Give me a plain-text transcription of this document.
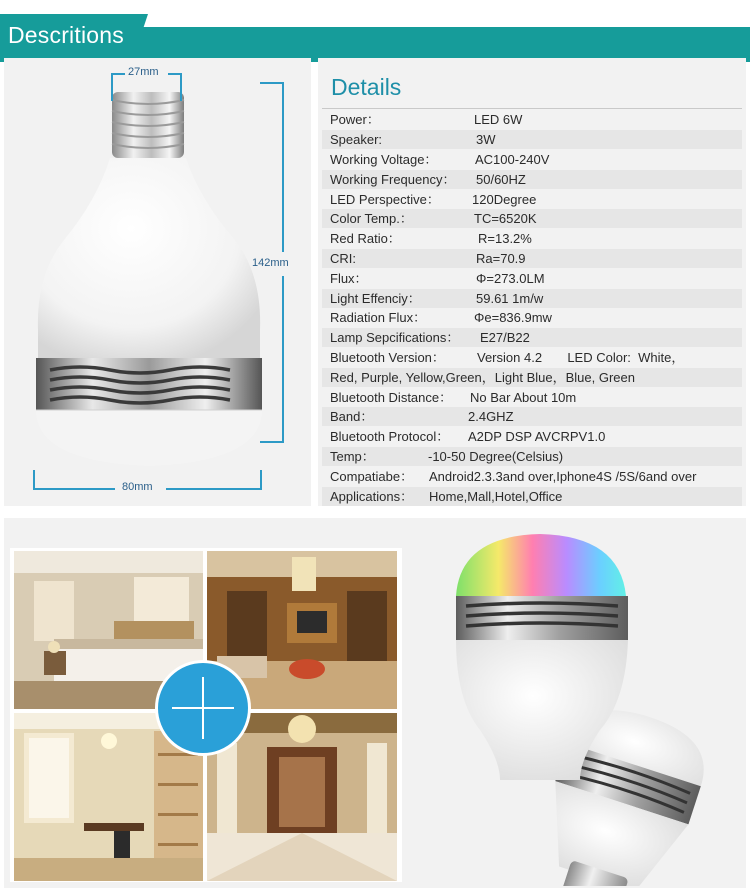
Descritions
27mm
142mm
80mm
Details
Power：	LED 6W
Speaker:	3W
Working Voltage：	AC100-240V
Working Frequency： 50/60HZ
LED Perspective： 120Degree
Color Temp.：	TC=6520K
Red Ratio：	R=13.2%
CRI:	Ra=70.9
Flux：	Φ=273.0LM
Light Effenciy：	59.61 1m/w
Radiation Flux：	Φe=836.9mw
Lamp Sepcifications： E27/B22
Bluetooth Version： Version 4.2       LED Color:  White，
Red, Purple, Yellow,Green，Light Blue，Blue, Green
Bluetooth Distance： No Bar About 10m
Band：	2.4GHZ
Bluetooth Protocol： A2DP DSP AVCRPV1.0
Temp：	-10-50 Degree(Celsius)
Compatiabe： Android2.3.3and over,Iphone4S /5S/6and over
Applications： Home,Mall,Hotel,Office
